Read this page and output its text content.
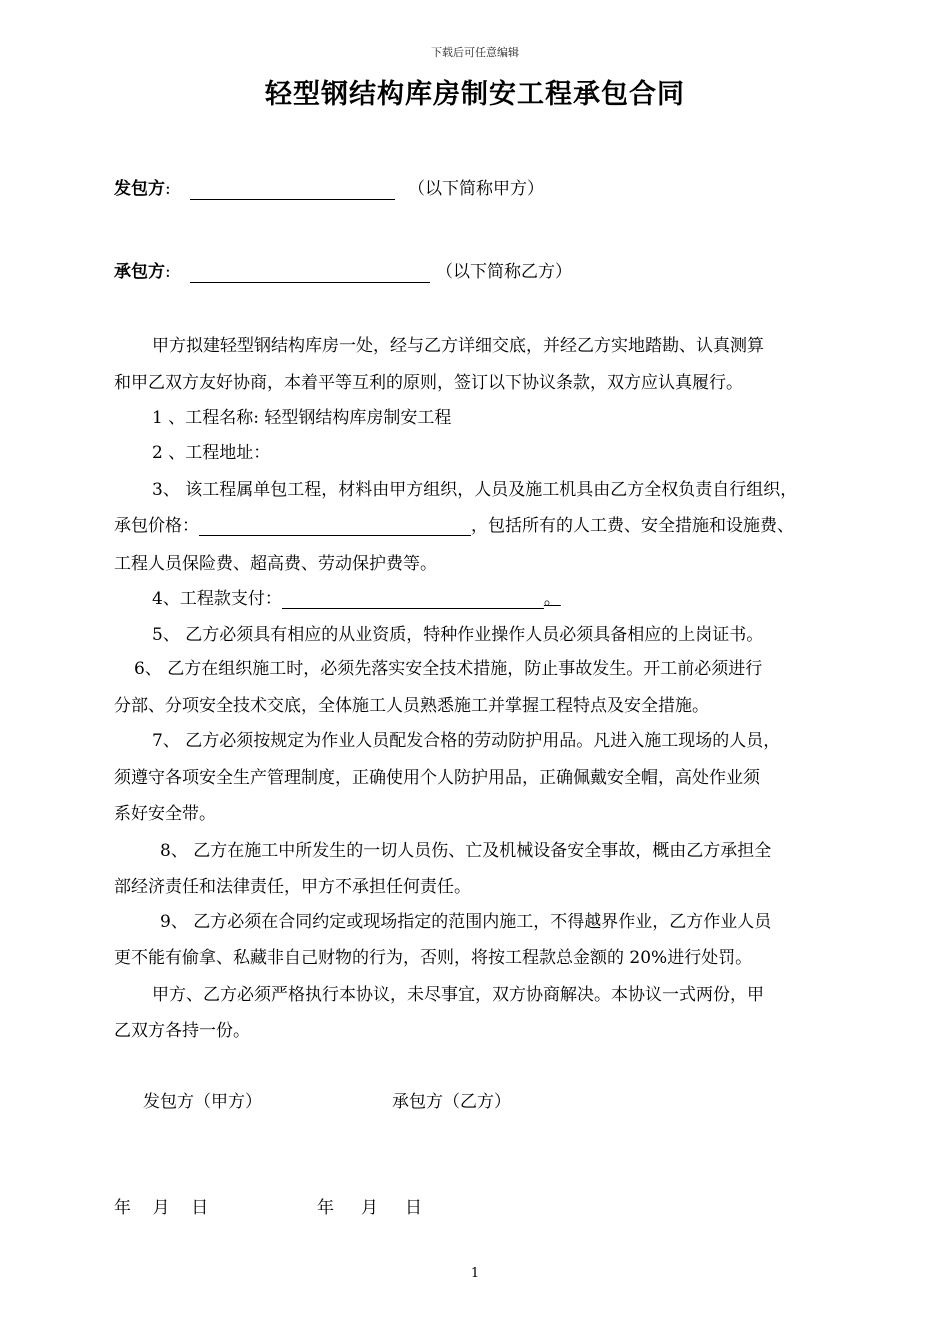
下载后可任意编辑
轻型钢结构库房制安工程承包合同
发包方:	（以下简称甲方）
承包方:	（以下简称乙方）
甲方拟建轻型钢结构库房一处，经与乙方详细交底，并经乙方实地踏勘、认真测算
和甲乙双方友好协商，本着平等互利的原则，签订以下协议条款，双方应认真履行。
1 、工程名称: 轻型钢结构库房制安工程
2 、工程地址：
3、 该工程属单包工程，材料由甲方组织，人员及施工机具由乙方全权负责自行组织，
承包价格：	，包括所有的人工费、安全措施和设施费、
工程人员保险费、超高费、劳动保护费等。
4、工程款支付：	。
5、 乙方必须具有相应的从业资质，特种作业操作人员必须具备相应的上岗证书。
6、 乙方在组织施工时，必须先落实安全技术措施，防止事故发生。开工前必须进行
分部、分项安全技术交底，全体施工人员熟悉施工并掌握工程特点及安全措施。
7、 乙方必须按规定为作业人员配发合格的劳动防护用品。凡进入施工现场的人员，
须遵守各项安全生产管理制度，正确使用个人防护用品，正确佩戴安全帽，高处作业须
系好安全带。
8、 乙方在施工中所发生的一切人员伤、亡及机械设备安全事故，概由乙方承担全
部经济责任和法律责任，甲方不承担任何责任。
9、 乙方必须在合同约定或现场指定的范围内施工，不得越界作业，乙方作业人员
更不能有偷拿、私藏非自己财物的行为，否则，将按工程款总金额的 20%进行处罚。
甲方、乙方必须严格执行本协议，未尽事宜，双方协商解决。本协议一式两份，甲
乙双方各持一份。
发包方（甲方）	承包方（乙方）
年    月    日	年     月     日
1
